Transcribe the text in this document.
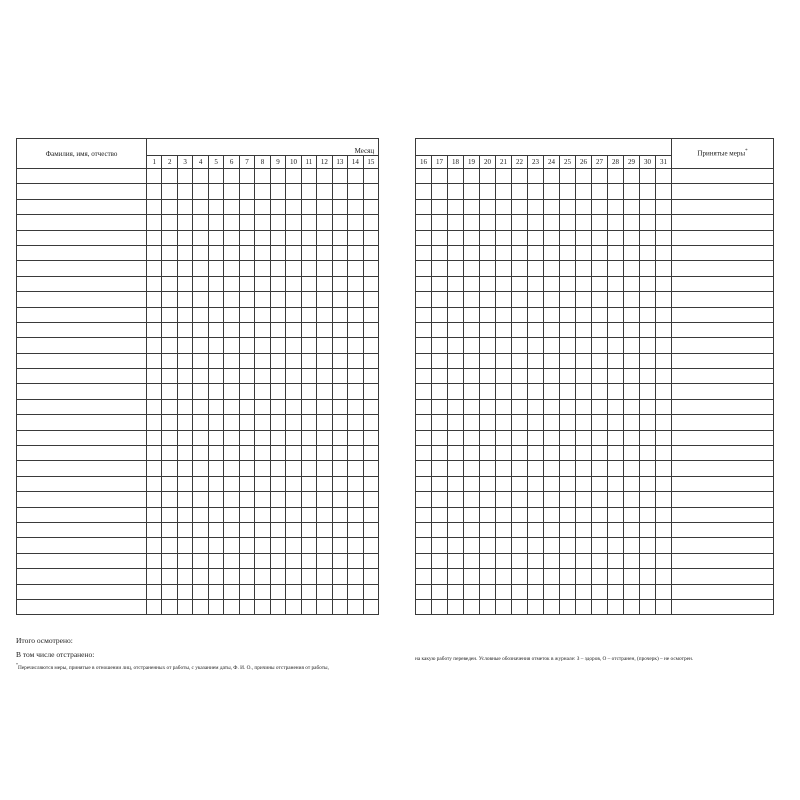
Фамилия, имя, отчество	Месяц														
	1	2	3	4	5	6	7	8	9	10	11	12	13	14	15

																Принятые меры*
16	17	18	19	20	21	22	23	24	25	26	27	28	29	30	31	

Итого осмотрено:
В том числе отстранено:
*Перечисляются меры, принятые в отношении лиц, отстраненных от работы, с указанием даты, Ф. И. О., причины отстранения от работы,
на какую работу переведен. Условные обозначения отметок в журнале: З – здоров, О – отстранен, (прочерк) – не осмотрен.
